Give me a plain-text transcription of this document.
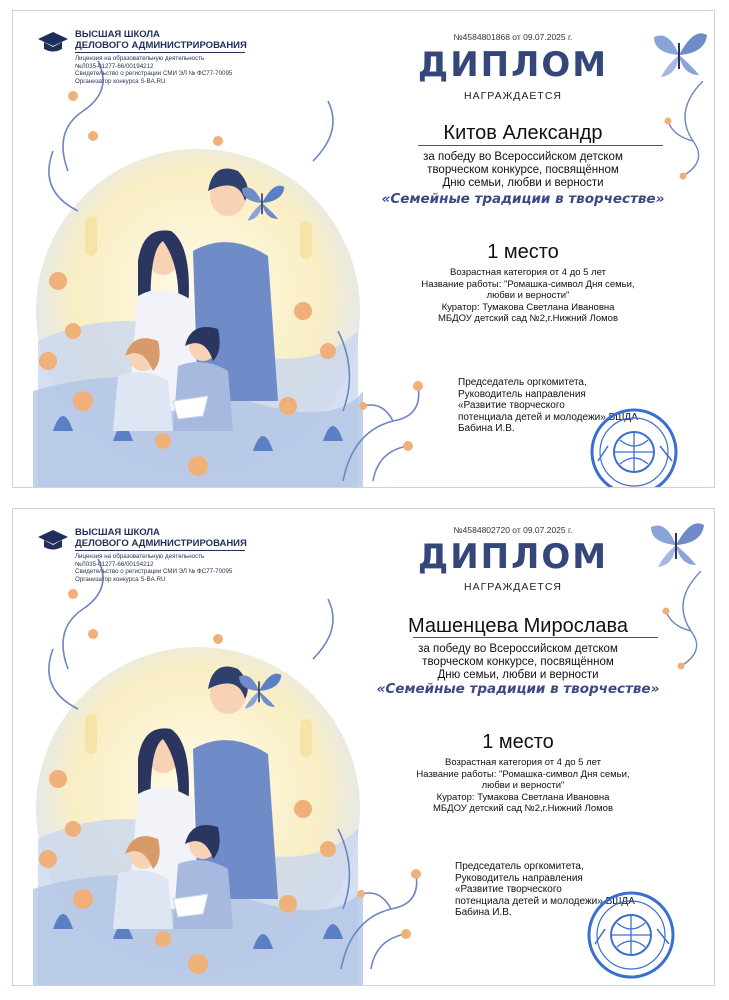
ВЫСШАЯ ШКОЛА
ДЕЛОВОГО АДМИНИСТРИРОВАНИЯ
Лицензия на образовательную деятельность
№Л035-01277-66/00194212
Свидетельство о регистрации СМИ ЭЛ № ФС77-70095
Организатор конкурса S-BA.RU
№4584801868 от 09.07.2025 г.
ДИПЛОМ
НАГРАЖДАЕТСЯ
Китов Александр
за победу во Всероссийском детском
творческом конкурсе, посвящённом
Дню семьи, любви и верности
«Семейные традиции в творчестве»
1 место
Возрастная категория от 4 до 5 лет
Название работы: "Ромашка-символ Дня семьи,
любви и верности"
Куратор: Тумакова Светлана Ивановна
МБДОУ детский сад №2,г.Нижний Ломов
Председатель оргкомитета,
Руководитель направления
«Развитие творческого
потенциала детей и молодежи» ВШДА
Бабина И.В.
ВЫСШАЯ ШКОЛА
ДЕЛОВОГО АДМИНИСТРИРОВАНИЯ
Лицензия на образовательную деятельность
№Л035-01277-66/00194212
Свидетельство о регистрации СМИ ЭЛ № ФС77-70095
Организатор конкурса S-BA.RU
№4584802720 от 09.07.2025 г.
ДИПЛОМ
НАГРАЖДАЕТСЯ
Машенцева Мирослава
за победу во Всероссийском детском
творческом конкурсе, посвящённом
Дню семьи, любви и верности
«Семейные традиции в творчестве»
1 место
Возрастная категория от 4 до 5 лет
Название работы: "Ромашка-символ Дня семьи,
любви и верности"
Куратор: Тумакова Светлана Ивановна
МБДОУ детский сад №2,г.Нижний Ломов
Председатель оргкомитета,
Руководитель направления
«Развитие творческого
потенциала детей и молодежи» ВШДА
Бабина И.В.
